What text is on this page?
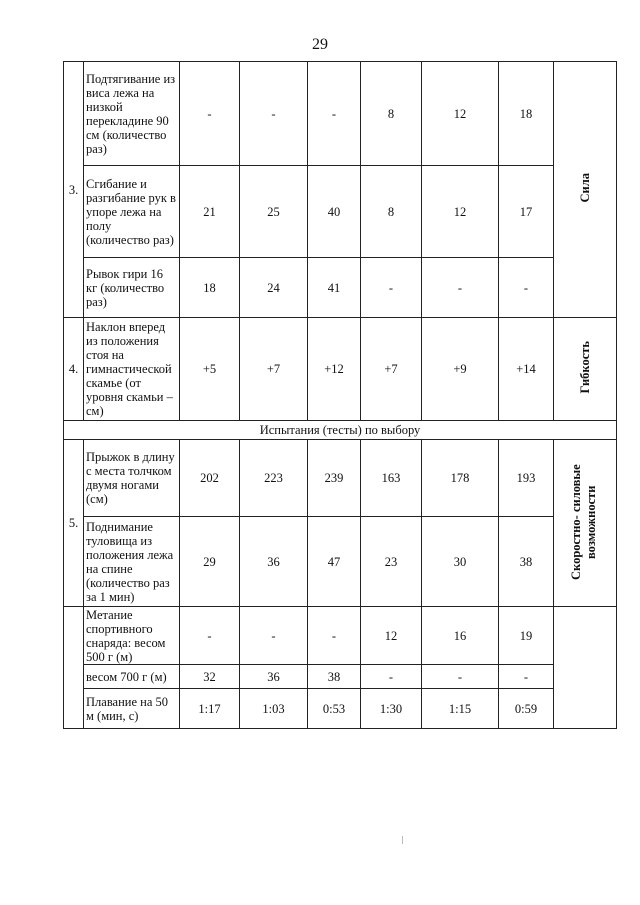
29
3.	Подтягивание из виса лежа на низкой перекладине 90 см (количество раз)	-	-	-	8	12	18	Сила
	Сгибание и разгибание рук в упоре лежа на полу (количество раз)	21	25	40	8	12	17	
	Рывок гири 16 кг (количество раз)	18	24	41	-	-	-	
4.	Наклон вперед из положения стоя на гимнастической скамье (от уровня скамьи – см)	+5	+7	+12	+7	+9	+14	Гибкость
Испытания (тесты) по выбору								
5.	Прыжок в длину с места толчком двумя ногами (см)	202	223	239	163	178	193	Скоростно- силовые возможности
	Поднимание туловища из положения лежа на спине (количество раз за 1 мин)	29	36	47	23	30	38	
	Метание спортивного снаряда: весом 500 г (м)	-	-	-	12	16	19	
	весом 700 г (м)	32	36	38	-	-	-	
	Плавание на 50 м (мин, с)	1:17	1:03	0:53	1:30	1:15	0:59	
